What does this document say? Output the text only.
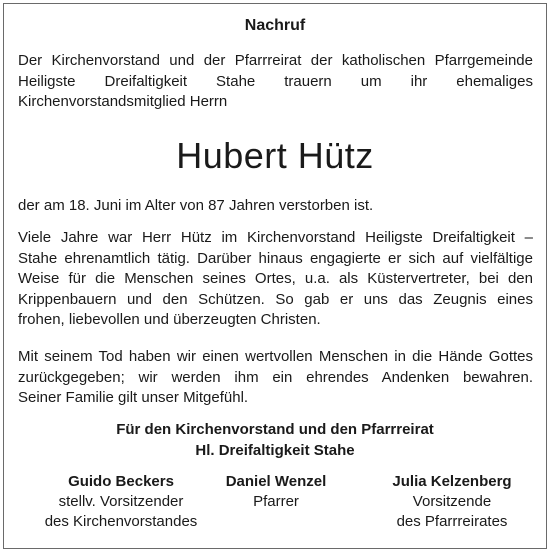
Nachruf
Der Kirchenvorstand und der Pfarrreirat der katholischen Pfarrgemeinde
Heiligste Dreifaltigkeit Stahe trauern um ihr ehemaliges
Kirchenvorstandsmitglied Herrn
Hubert Hütz
der am 18. Juni im Alter von 87 Jahren verstorben ist.
Viele Jahre war Herr Hütz im Kirchenvorstand Heiligste Dreifaltigkeit –
Stahe ehrenamtlich tätig. Darüber hinaus engagierte er sich auf vielfältige
Weise für die Menschen seines Ortes, u.a. als Küstervertreter, bei den
Krippenbauern und den Schützen. So gab er uns das Zeugnis eines
frohen, liebevollen und überzeugten Christen.
Mit seinem Tod haben wir einen wertvollen Menschen in die Hände Gottes
zurückgegeben; wir werden ihm ein ehrendes Andenken bewahren.
Seiner Familie gilt unser Mitgefühl.
Für den Kirchenvorstand und den Pfarrreirat
Hl. Dreifaltigkeit Stahe
Guido Beckers
stellv. Vorsitzender
des Kirchenvorstandes
Daniel Wenzel
Pfarrer
Julia Kelzenberg
Vorsitzende
des Pfarrreirates
